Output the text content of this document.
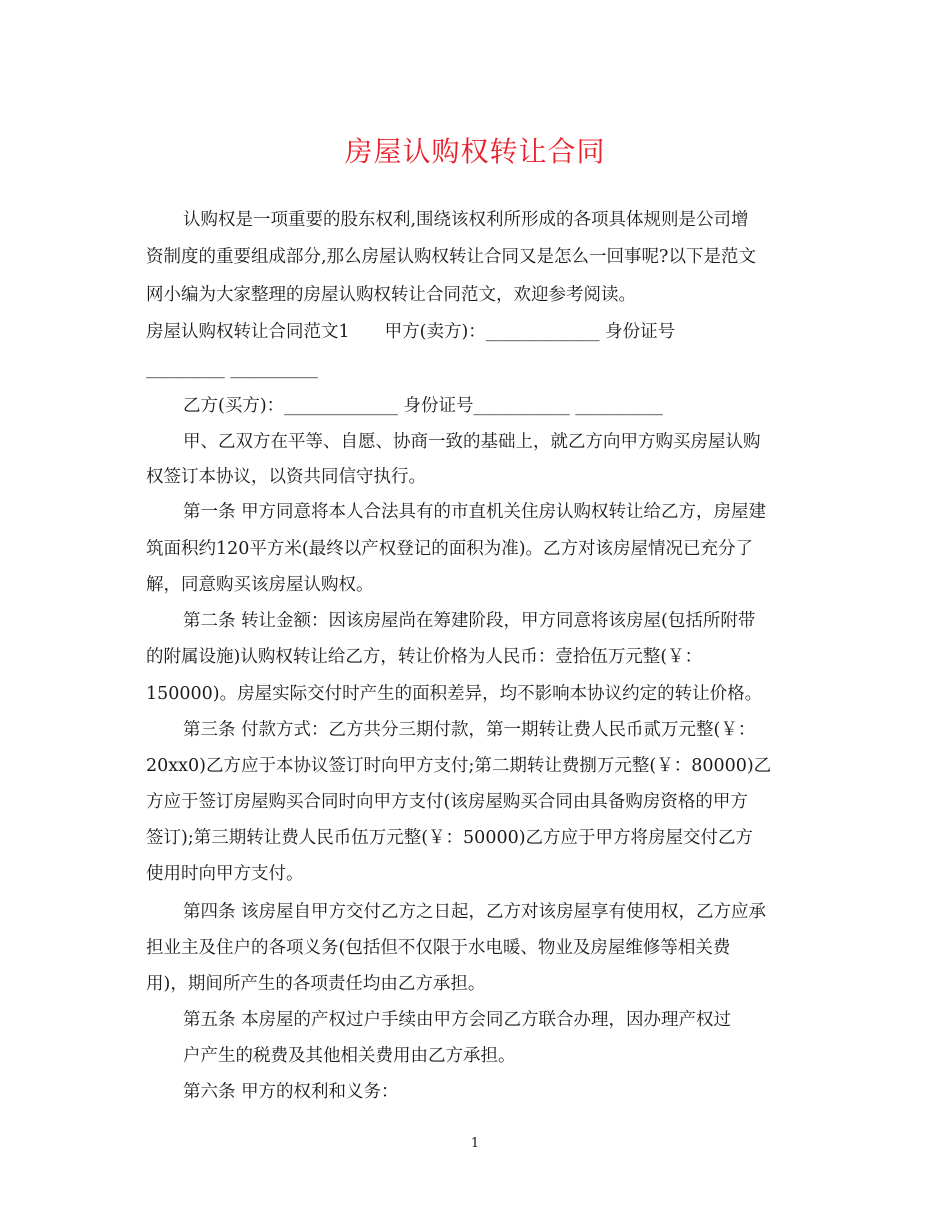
房屋认购权转让合同
认购权是一项重要的股东权利,围绕该权利所形成的各项具体规则是公司增
资制度的重要组成部分,那么房屋认购权转让合同又是怎么一回事呢?以下是范文
网小编为大家整理的房屋认购权转让合同范文，欢迎参考阅读。
房屋认购权转让合同范文1　　甲方(卖方)：_____________ 身份证号
_________ __________
乙方(买方)：_____________ 身份证号___________ __________
甲、乙双方在平等、自愿、协商一致的基础上，就乙方向甲方购买房屋认购
权签订本协议，以资共同信守执行。
第一条 甲方同意将本人合法具有的市直机关住房认购权转让给乙方，房屋建
筑面积约120平方米(最终以产权登记的面积为准)。乙方对该房屋情况已充分了
解，同意购买该房屋认购权。
第二条 转让金额：因该房屋尚在筹建阶段，甲方同意将该房屋(包括所附带
的附属设施)认购权转让给乙方，转让价格为人民币：壹拾伍万元整(￥：
150000)。房屋实际交付时产生的面积差异，均不影响本协议约定的转让价格。
第三条 付款方式：乙方共分三期付款，第一期转让费人民币贰万元整(￥：
20xx0)乙方应于本协议签订时向甲方支付;第二期转让费捌万元整(￥：80000)乙
方应于签订房屋购买合同时向甲方支付(该房屋购买合同由具备购房资格的甲方
签订);第三期转让费人民币伍万元整(￥：50000)乙方应于甲方将房屋交付乙方
使用时向甲方支付。
第四条 该房屋自甲方交付乙方之日起，乙方对该房屋享有使用权，乙方应承
担业主及住户的各项义务(包括但不仅限于水电暖、物业及房屋维修等相关费
用)，期间所产生的各项责任均由乙方承担。
第五条 本房屋的产权过户手续由甲方会同乙方联合办理，因办理产权过
户产生的税费及其他相关费用由乙方承担。
第六条 甲方的权利和义务：
1
